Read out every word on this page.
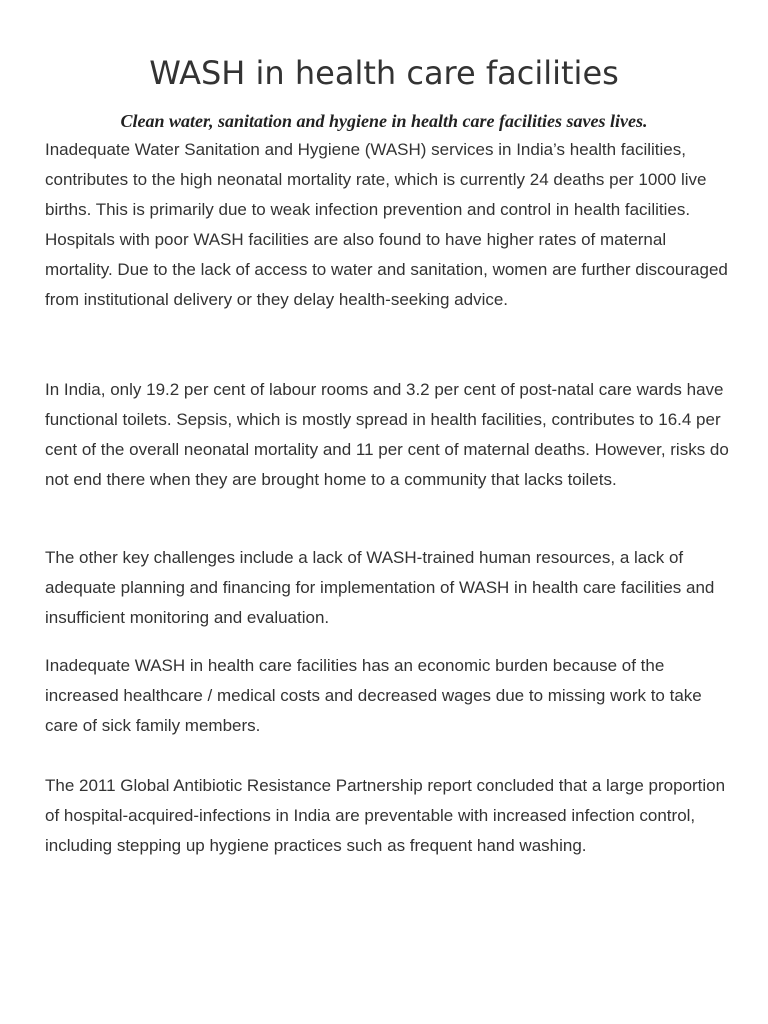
WASH in health care facilities

Clean water, sanitation and hygiene in health care facilities saves lives.

Inadequate Water Sanitation and Hygiene (WASH) services in India’s health facilities, contributes to the high neonatal mortality rate, which is currently 24 deaths per 1000 live births. This is primarily due to weak infection prevention and control in health facilities. Hospitals with poor WASH facilities are also found to have higher rates of maternal mortality. Due to the lack of access to water and sanitation, women are further discouraged from institutional delivery or they delay health-seeking advice.

In India, only 19.2 per cent of labour rooms and 3.2 per cent of post-natal care wards have functional toilets. Sepsis, which is mostly spread in health facilities, contributes to 16.4 per cent of the overall neonatal mortality and 11 per cent of maternal deaths. However, risks do not end there when they are brought home to a community that lacks toilets.

The other key challenges include a lack of WASH-trained human resources, a lack of adequate planning and financing for implementation of WASH in health care facilities and insufficient monitoring and evaluation.

Inadequate WASH in health care facilities has an economic burden because of the increased healthcare / medical costs and decreased wages due to missing work to take care of sick family members.

The 2011 Global Antibiotic Resistance Partnership report concluded that a large proportion of hospital-acquired-infections in India are preventable with increased infection control, including stepping up hygiene practices such as frequent hand washing.
